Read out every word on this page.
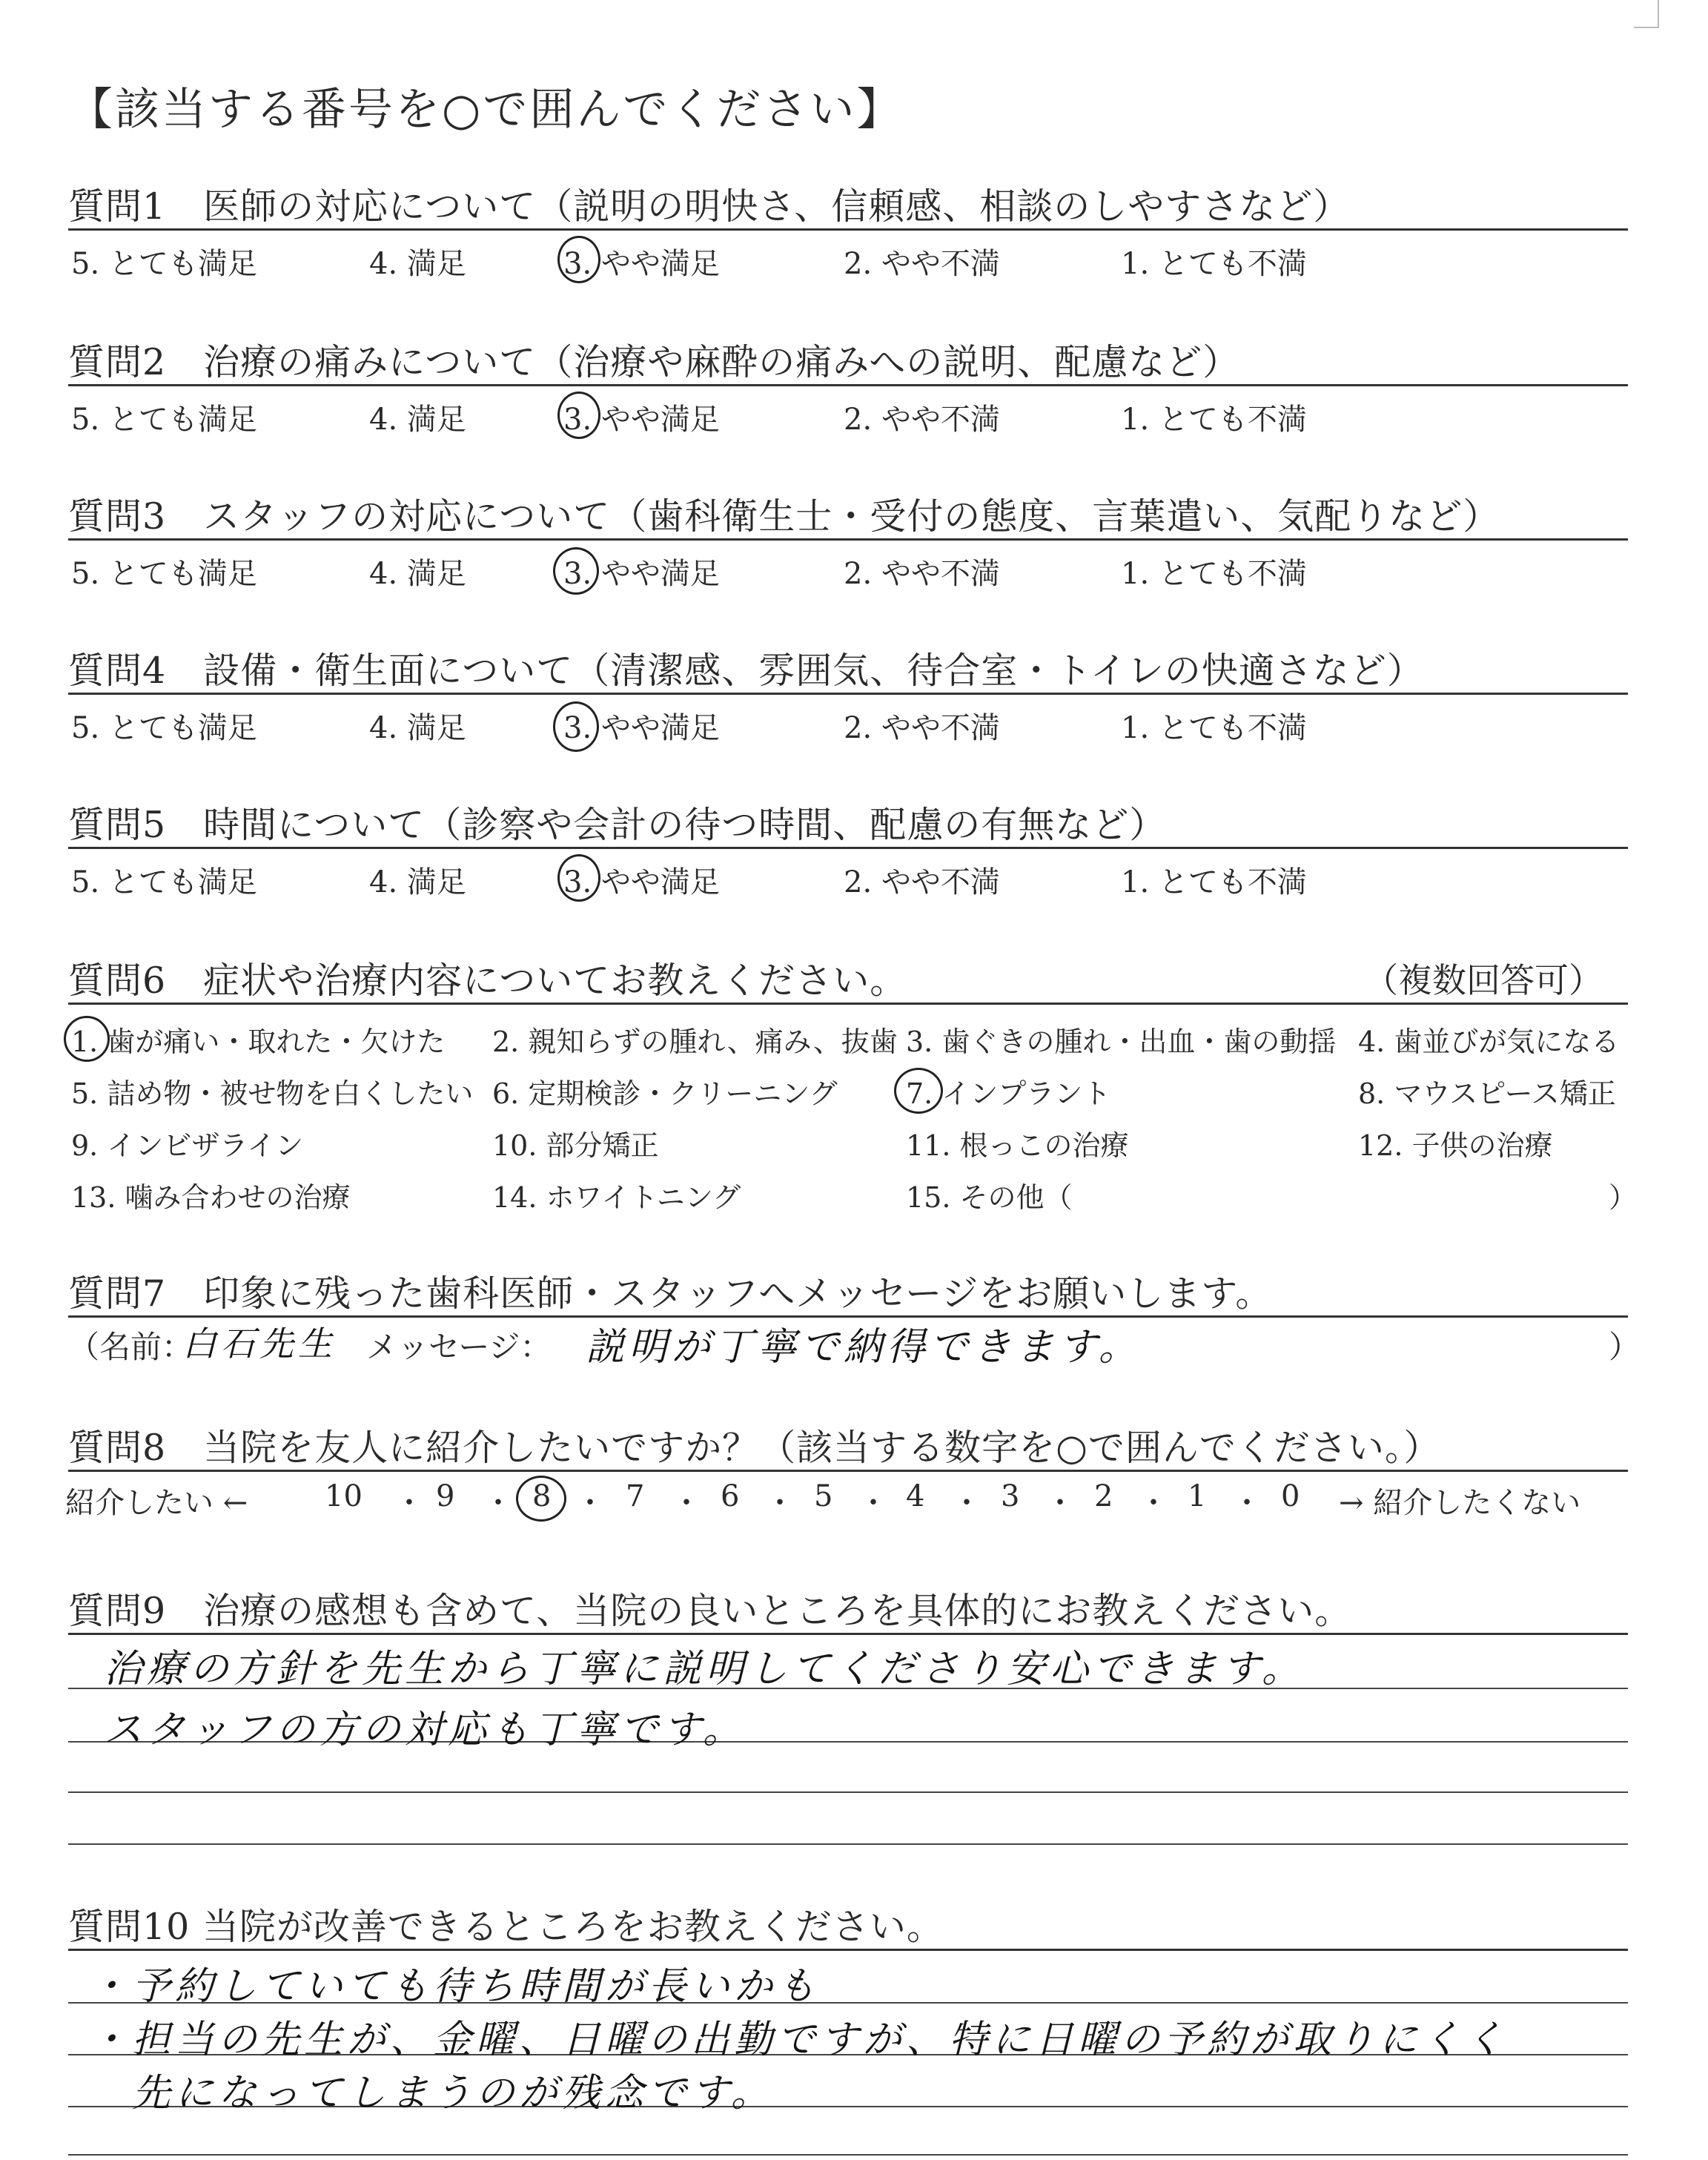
【該当する番号を○で囲んでください】
質問1　医師の対応について（説明の明快さ、信頼感、相談のしやすさなど）
5. とても満足	4. 満足	3. やや満足	2. やや不満	1. とても不満
質問2　治療の痛みについて（治療や麻酔の痛みへの説明、配慮など）
5. とても満足	4. 満足	3. やや満足	2. やや不満	1. とても不満
質問3　スタッフの対応について（歯科衛生士・受付の態度、言葉遣い、気配りなど）
5. とても満足	4. 満足	3. やや満足	2. やや不満	1. とても不満
質問4　設備・衛生面について（清潔感、雰囲気、待合室・トイレの快適さなど）
5. とても満足	4. 満足	3. やや満足	2. やや不満	1. とても不満
質問5　時間について（診察や会計の待つ時間、配慮の有無など）
5. とても満足	4. 満足	3. やや満足	2. やや不満	1. とても不満
質問6　症状や治療内容についてお教えください。	（複数回答可）
1. 歯が痛い・取れた・欠けた 2. 親知らずの腫れ、痛み、抜歯 3. 歯ぐきの腫れ・出血・歯の動揺 4. 歯並びが気になる
5. 詰め物・被せ物を白くしたい 6. 定期検診・クリーニング 7. インプラント	8. マウスピース矯正
9. インビザライン	10. 部分矯正	11. 根っこの治療	12. 子供の治療
13. 噛み合わせの治療	14. ホワイトニング	15. その他（	）
質問7　印象に残った歯科医師・スタッフへメッセージをお願いします。
（名前：
白石先生 メッセージ： 説明が丁寧で納得できます。	）
質問8　当院を友人に紹介したいですか？（該当する数字を○で囲んでください。）
紹介したい ←	10 ・ 9 ・ 8 ・ 7 ・ 6 ・ 5 ・ 4 ・ 3 ・ 2 ・ 1 ・ 0 → 紹介したくない
質問9　治療の感想も含めて、当院の良いところを具体的にお教えください。
治療の方針を先生から丁寧に説明してくださり安心できます。
スタッフの方の対応も丁寧です。
質問10 当院が改善できるところをお教えください。
・予約していても待ち時間が長いかも
・担当の先生が、金曜、日曜の出勤ですが、特に日曜の予約が取りにくく
　先になってしまうのが残念です。
